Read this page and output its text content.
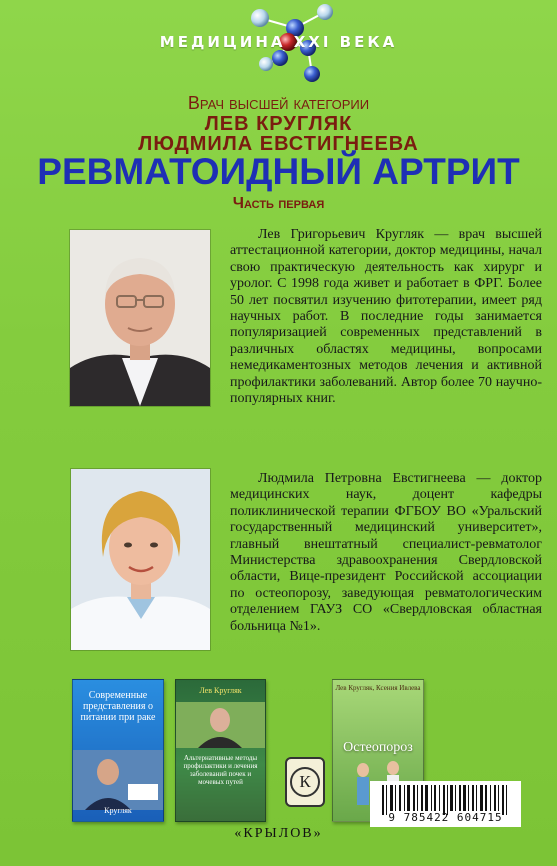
МЕДИЦИНА XXI ВЕКА
Врач высшей категории
ЛЕВ КРУГЛЯК
ЛЮДМИЛА ЕВСТИГНЕЕВА
РЕВМАТОИДНЫЙ АРТРИТ
Часть первая
Лев Григорьевич Кругляк — врач высшей аттестационной категории, доктор медицины, начал свою практическую деятельность как хирург и уролог. С 1998 года живет и работает в ФРГ. Более 50 лет посвятил изучению фитотерапии, имеет ряд научных работ. В последние годы занимается популяризацией современных представлений в различных областях медицины, вопросами немедикаментозных методов лечения и активной профилактики заболеваний. Автор более 70 научно-популярных книг.
Людмила Петровна Евстигнеева — доктор медицинских наук, доцент кафедры поликлинической терапии ФГБОУ ВО «Уральский государственный медицинский университет», главный внештатный специалист-ревматолог Министерства здравоохранения Свердловской области, Вице-президент Российской ассоциации по остеопорозу, заведующая ревматологическим отделением ГАУЗ СО «Свердловская областная больница №1».
Современные представления о питании при раке
Кругляк
Лев Кругляк
Альтернативные методы профилактики и лечения заболеваний почек и мочевых путей
Лев Кругляк, Ксения Ивлева
Остеопороз
К
9 785422 604715
«КРЫЛОВ»
